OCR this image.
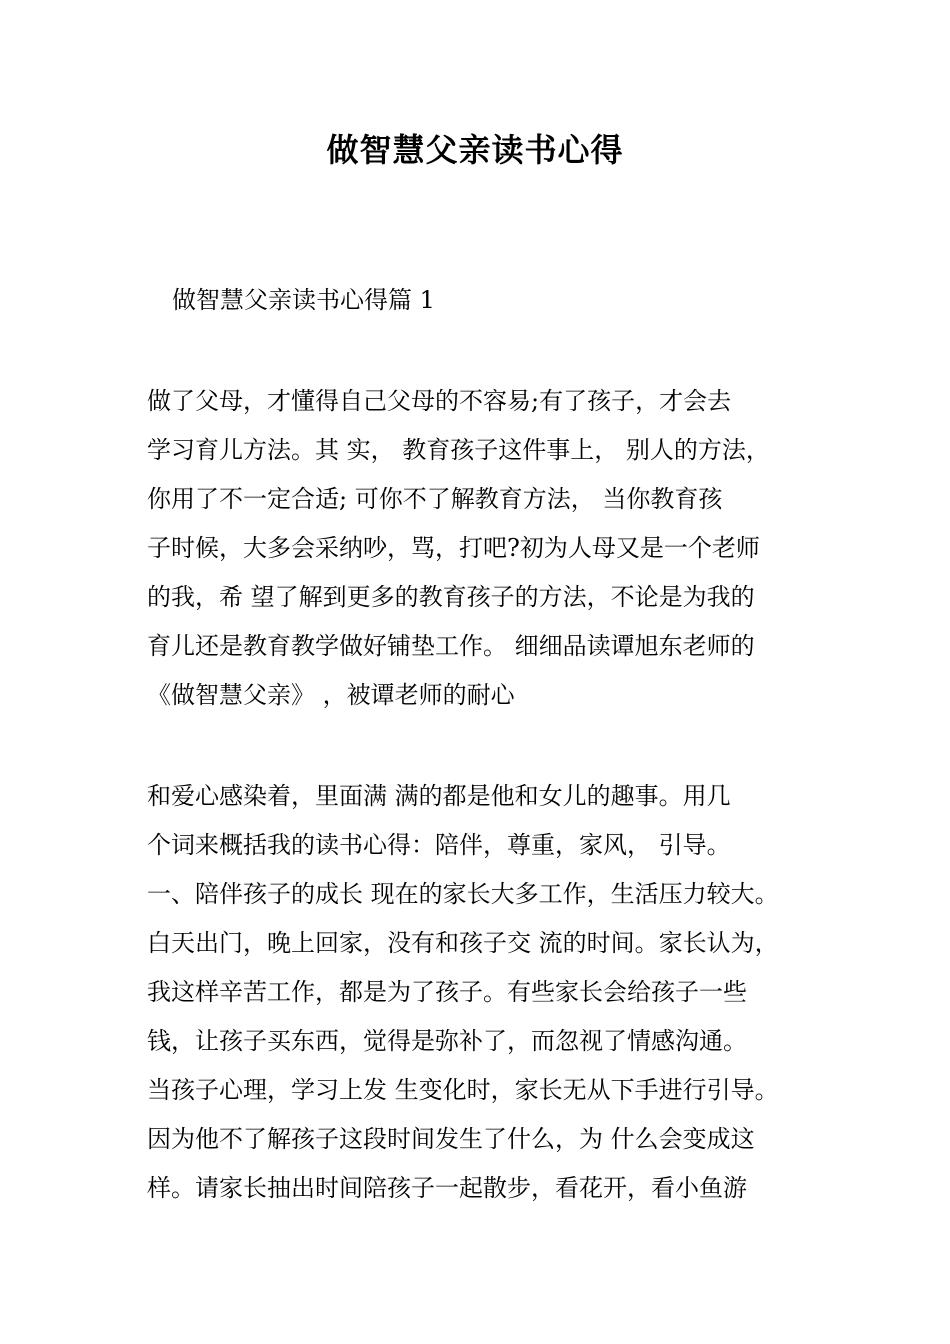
做智慧父亲读书心得
做智慧父亲读书心得篇 1
做了父母，才懂得自己父母的不容易;有了孩子，才会去
学习育儿方法。其 实， 教育孩子这件事上， 别人的方法，
你用了不一定合适; 可你不了解教育方法， 当你教育孩
子时候，大多会采纳吵，骂，打吧?初为人母又是一个老师
的我，希 望了解到更多的教育孩子的方法，不论是为我的
育儿还是教育教学做好铺垫工作。 细细品读谭旭东老师的
《做智慧父亲》 ，被谭老师的耐心
和爱心感染着，里面满 满的都是他和女儿的趣事。用几
个词来概括我的读书心得：陪伴，尊重，家风， 引导。
一、陪伴孩子的成长 现在的家长大多工作，生活压力较大。
白天出门，晚上回家，没有和孩子交 流的时间。家长认为，
我这样辛苦工作，都是为了孩子。有些家长会给孩子一些
钱，让孩子买东西，觉得是弥补了，而忽视了情感沟通。
当孩子心理，学习上发 生变化时，家长无从下手进行引导。
因为他不了解孩子这段时间发生了什么，为 什么会变成这
样。请家长抽出时间陪孩子一起散步，看花开，看小鱼游
